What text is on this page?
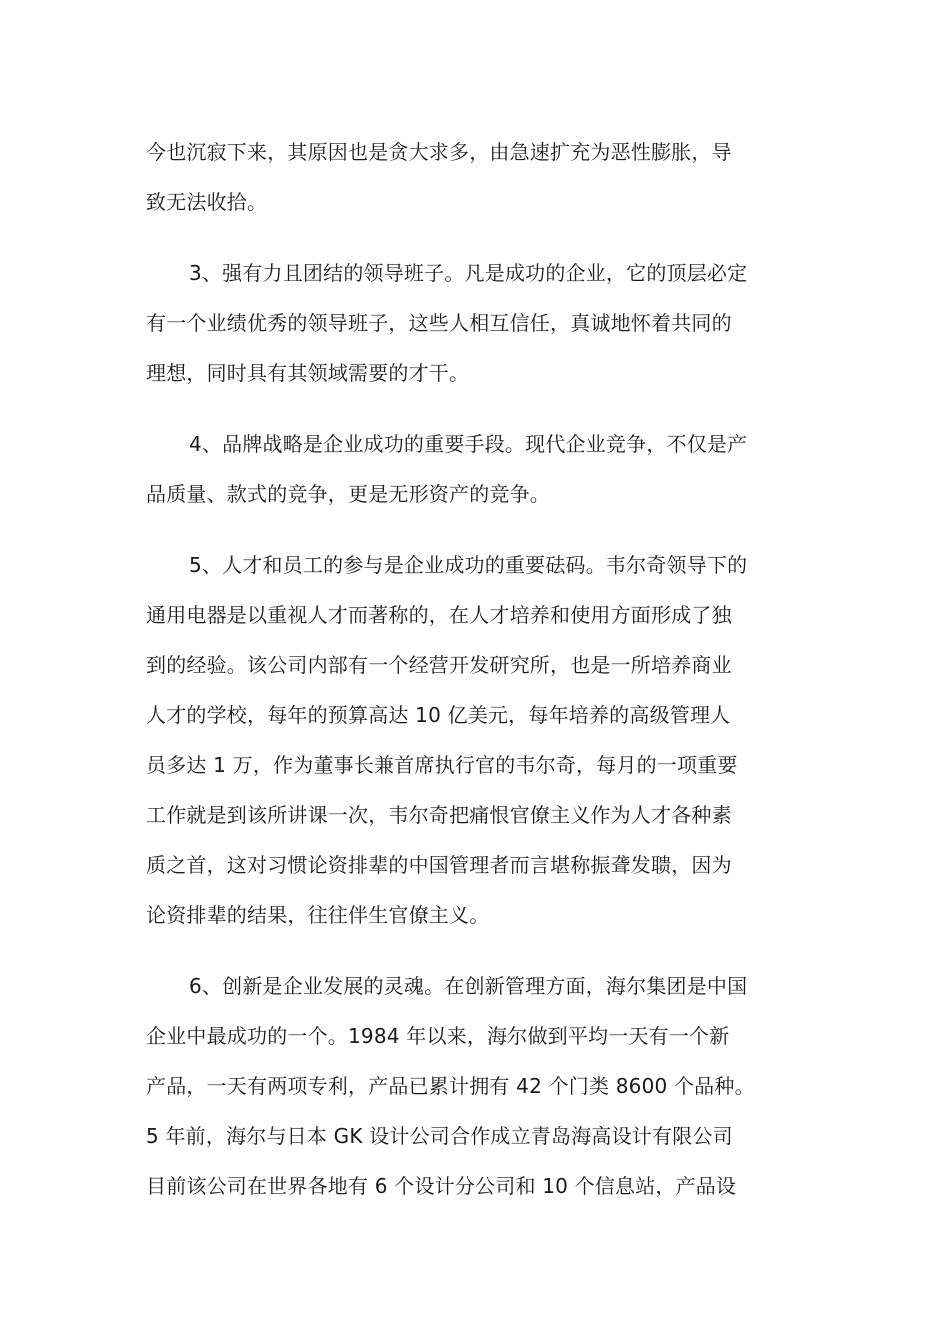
今也沉寂下来，其原因也是贪大求多，由急速扩充为恶性膨胀，导
致无法收拾。
3、强有力且团结的领导班子。凡是成功的企业，它的顶层必定
有一个业绩优秀的领导班子，这些人相互信任，真诚地怀着共同的
理想，同时具有其领域需要的才干。
4、品牌战略是企业成功的重要手段。现代企业竞争，不仅是产
品质量、款式的竞争，更是无形资产的竞争。
5、人才和员工的参与是企业成功的重要砝码。韦尔奇领导下的
通用电器是以重视人才而著称的，在人才培养和使用方面形成了独
到的经验。该公司内部有一个经营开发研究所，也是一所培养商业
人才的学校，每年的预算高达 10 亿美元，每年培养的高级管理人
员多达 1 万，作为董事长兼首席执行官的韦尔奇，每月的一项重要
工作就是到该所讲课一次，韦尔奇把痛恨官僚主义作为人才各种素
质之首，这对习惯论资排辈的中国管理者而言堪称振聋发聩，因为
论资排辈的结果，往往伴生官僚主义。
6、创新是企业发展的灵魂。在创新管理方面，海尔集团是中国
企业中最成功的一个。1984 年以来，海尔做到平均一天有一个新
产品，一天有两项专利，产品已累计拥有 42 个门类 8600 个品种。
5 年前，海尔与日本 GK 设计公司合作成立青岛海高设计有限公司
目前该公司在世界各地有 6 个设计分公司和 10 个信息站，产品设
